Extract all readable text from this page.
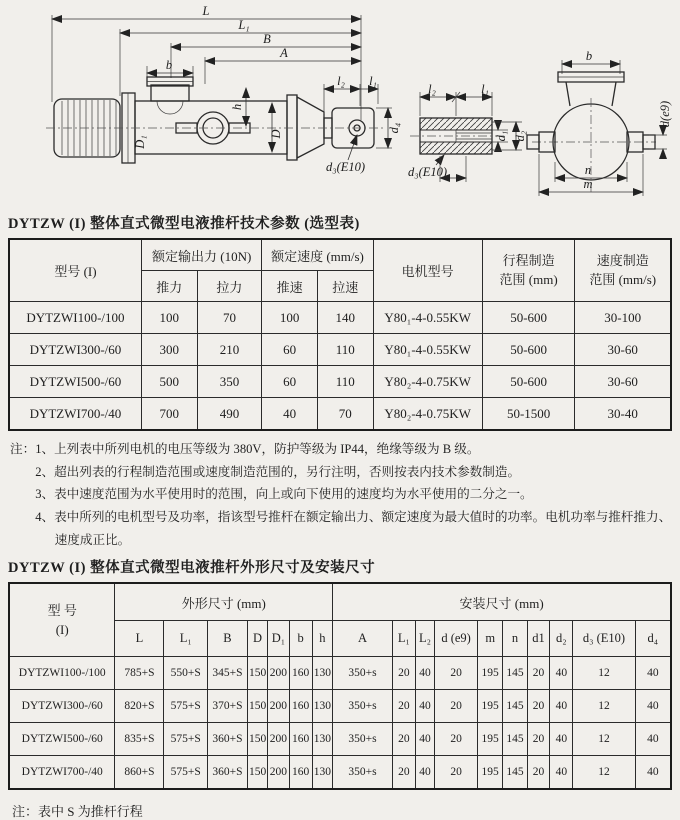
L
L₁
B
A
b
D₁
h
D
l₂ l₁
d₄
d₃(E10)
l₂	l₁
d₁ d₂
d₃(E10)
b
d(e9)
n
m
DYTZW (I) 整体直式微型电液推杆技术参数 (选型表)
型号 (I)	额定输出力 (10N)		额定速度 (mm/s)		电机型号	行程制造
范围 (mm)	速度制造
范围 (mm/s)

	推力	拉力	推速	拉速			
DYTZWI100-/100	100	70	100	140	Y80₁-4-0.55KW	50-600	30-100
DYTZWI300-/60	300	210	60	110	Y80₁-4-0.55KW	50-600	30-60
DYTZWI500-/60	500	350	60	110	Y80₂-4-0.75KW	50-600	30-60
DYTZWI700-/40	700	490	40	70	Y80₂-4-0.75KW	50-1500	30-40
注： 1、上列表中所列电机的电压等级为 380V，防护等级为 IP44，绝缘等级为 B 级。
2、超出列表的行程制造范围或速度制造范围的，另行注明，否则按表内技术参数制造。
3、表中速度范围为水平使用时的范围，向上或向下使用的速度均为水平使用的二分之一。
4、表中所列的电机型号及功率，指该型号推杆在额定输出力、额定速度为最大值时的功率。电机功率与推杆推力、速度成正比。
DYTZW (I) 整体直式微型电液推杆外形尺寸及安装尺寸
型 号
(I)	外形尺寸 (mm)							安装尺寸 (mm)									
	L	L₁	B	D	D₁	b	h	A	L₁	L₂	d (e9)	m	n	d1	d₂	d₃ (E10)	d₄
DYTZWI100-/100	785+S	550+S	345+S	150	200	160	130	350+s	20	40	20	195	145	20	40	12	40
DYTZWI300-/60	820+S	575+S	370+S	150	200	160	130	350+s	20	40	20	195	145	20	40	12	40
DYTZWI500-/60	835+S	575+S	360+S	150	200	160	130	350+s	20	40	20	195	145	20	40	12	40
DYTZWI700-/40	860+S	575+S	360+S	150	200	160	130	350+s	20	40	20	195	145	20	40	12	40
注：表中 S 为推杆行程
